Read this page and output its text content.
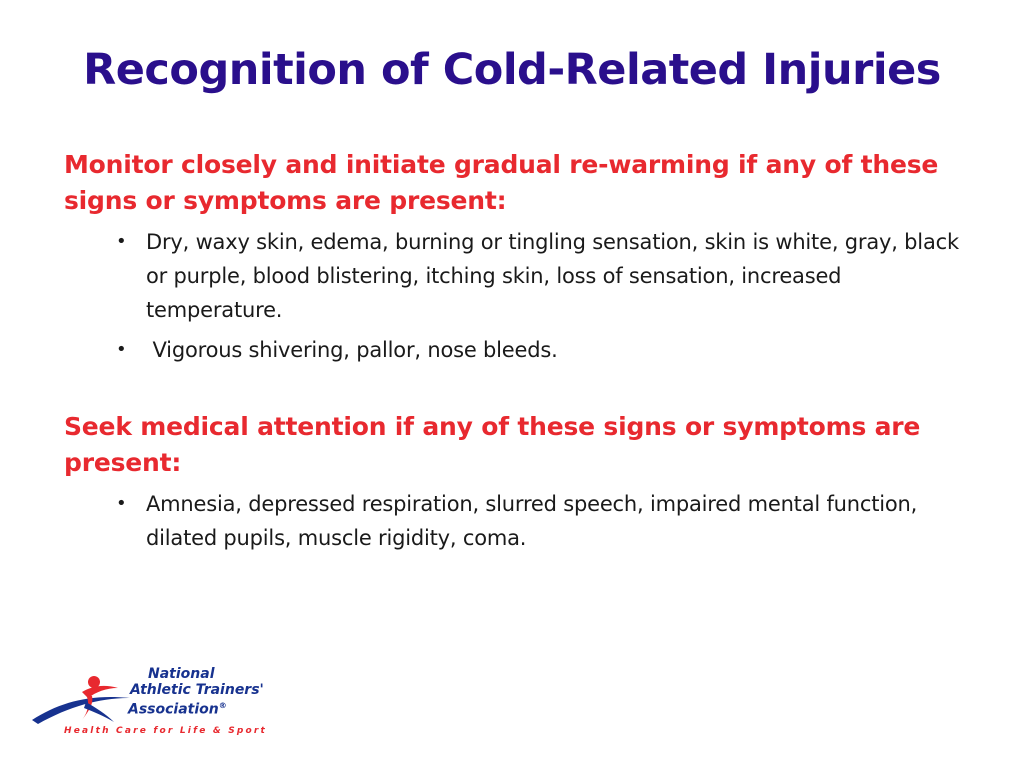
Recognition of Cold-Related Injuries

Monitor closely and initiate gradual re-warming if any of these signs or symptoms are present:

• Dry, waxy skin, edema, burning or tingling sensation, skin is white, gray, black or purple, blood blistering, itching skin, loss of sensation, increased temperature.
• Vigorous shivering, pallor, nose bleeds.

Seek medical attention if any of these signs or symptoms are present:

• Amnesia, depressed respiration, slurred speech, impaired mental function, dilated pupils, muscle rigidity, coma.
National
Athletic Trainers'
Association®
Health Care for Life & Sport
